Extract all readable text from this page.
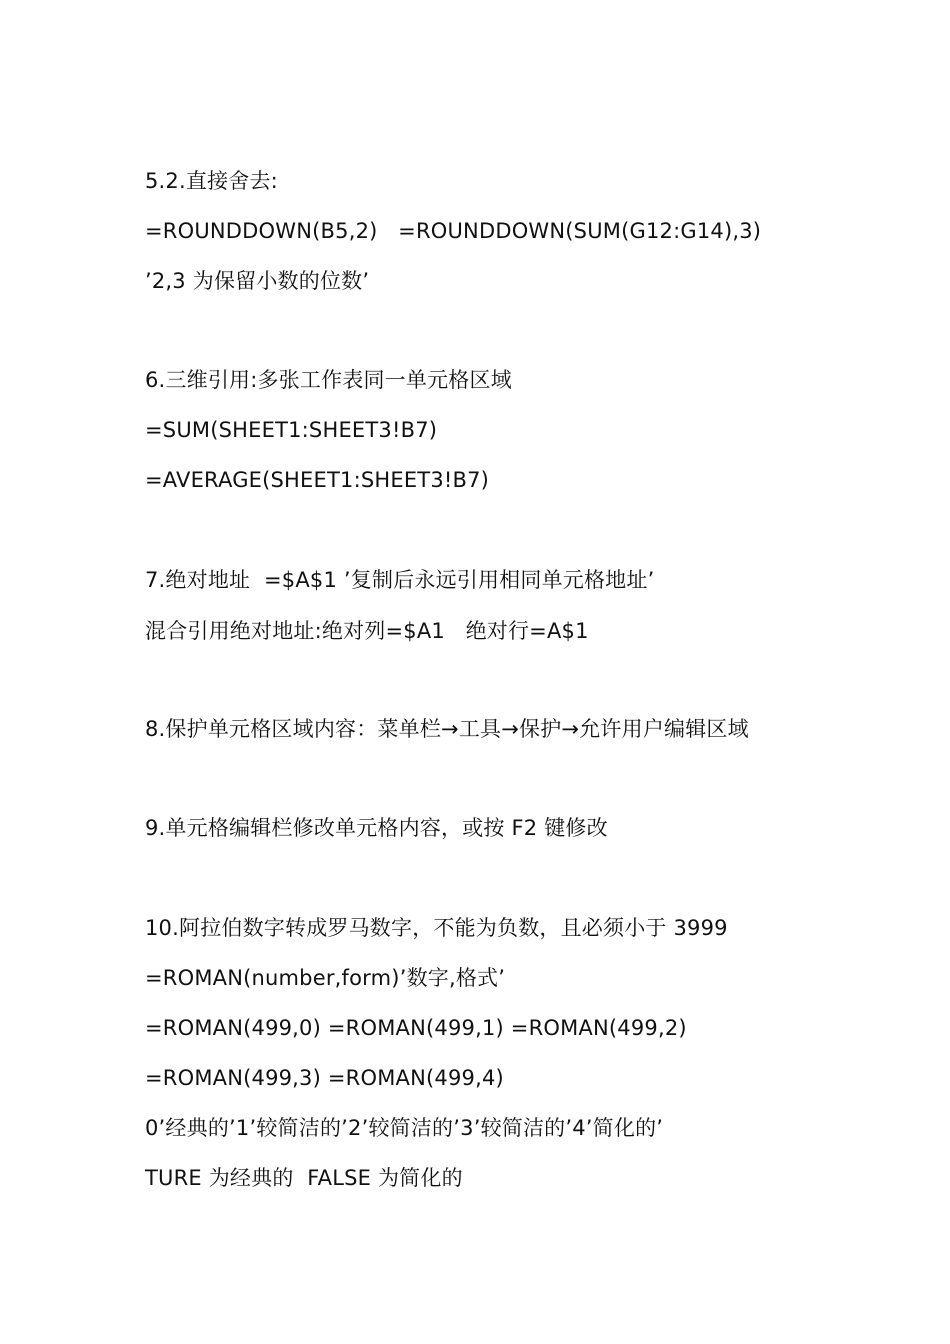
5.2.直接舍去:
=ROUNDDOWN(B5,2)   =ROUNDDOWN(SUM(G12:G14),3)
’2,3 为保留小数的位数’
6.三维引用:多张工作表同一单元格区域
=SUM(SHEET1:SHEET3!B7)
=AVERAGE(SHEET1:SHEET3!B7)
7.绝对地址  =$A$1 ’复制后永远引用相同单元格地址’
混合引用绝对地址:绝对列=$A1   绝对行=A$1
8.保护单元格区域内容：菜单栏→工具→保护→允许用户编辑区域
9.单元格编辑栏修改单元格内容，或按 F2 键修改
10.阿拉伯数字转成罗马数字，不能为负数，且必须小于 3999
=ROMAN(number,form)’数字,格式’
=ROMAN(499,0) =ROMAN(499,1) =ROMAN(499,2)
=ROMAN(499,3) =ROMAN(499,4)
0’经典的’1’较简洁的’2’较简洁的’3’较简洁的’4’简化的’
TURE 为经典的  FALSE 为简化的
